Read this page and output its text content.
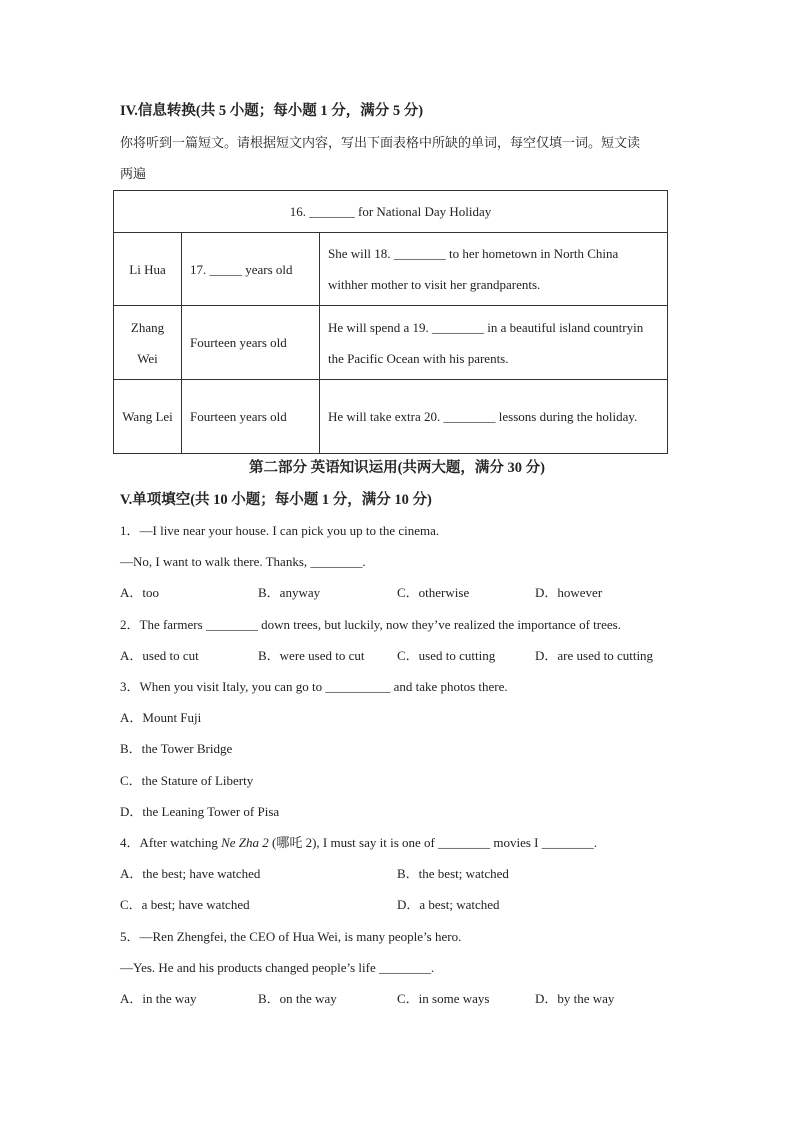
IV.信息转换(共 5 小题；每小题 1 分，满分 5 分)
你将听到一篇短文。请根据短文内容，写出下面表格中所缺的单词，每空仅填一词。短文读
两遍
16. _______ for National Day Holiday		
Li Hua	17. _____ years old	She will 18. ________ to her hometown in North China withher mother to visit her grandparents.
Zhang Wei	Fourteen years old	He will spend a 19. ________ in a beautiful island countryin the Pacific Ocean with his parents.
Wang Lei	Fourteen years old	He will take extra 20. ________ lessons during the holiday.
第二部分 英语知识运用(共两大题，满分 30 分)
V.单项填空(共 10 小题；每小题 1 分，满分 10 分)
1．—I live near your house. I can pick you up to the cinema.
—No, I want to walk there. Thanks, ________.
A．too	B．anyway	C．otherwise	D．however
2．The farmers ________ down trees, but luckily, now they’ve realized the importance of trees.
A．used to cut	B．were used to cut C．used to cutting	D．are used to cutting
3．When you visit Italy, you can go to __________ and take photos there.
A．Mount Fuji
B．the Tower Bridge
C．the Stature of Liberty
D．the Leaning Tower of Pisa
4．After watching Ne Zha 2 (哪吒 2), I must say it is one of ________ movies I ________.
A．the best; have watched	B．the best; watched
C．a best; have watched	D．a best; watched
5．—Ren Zhengfei, the CEO of Hua Wei, is many people’s hero.
—Yes. He and his products changed people’s life ________.
A．in the way	B．on the way	C．in some ways	D．by the way
